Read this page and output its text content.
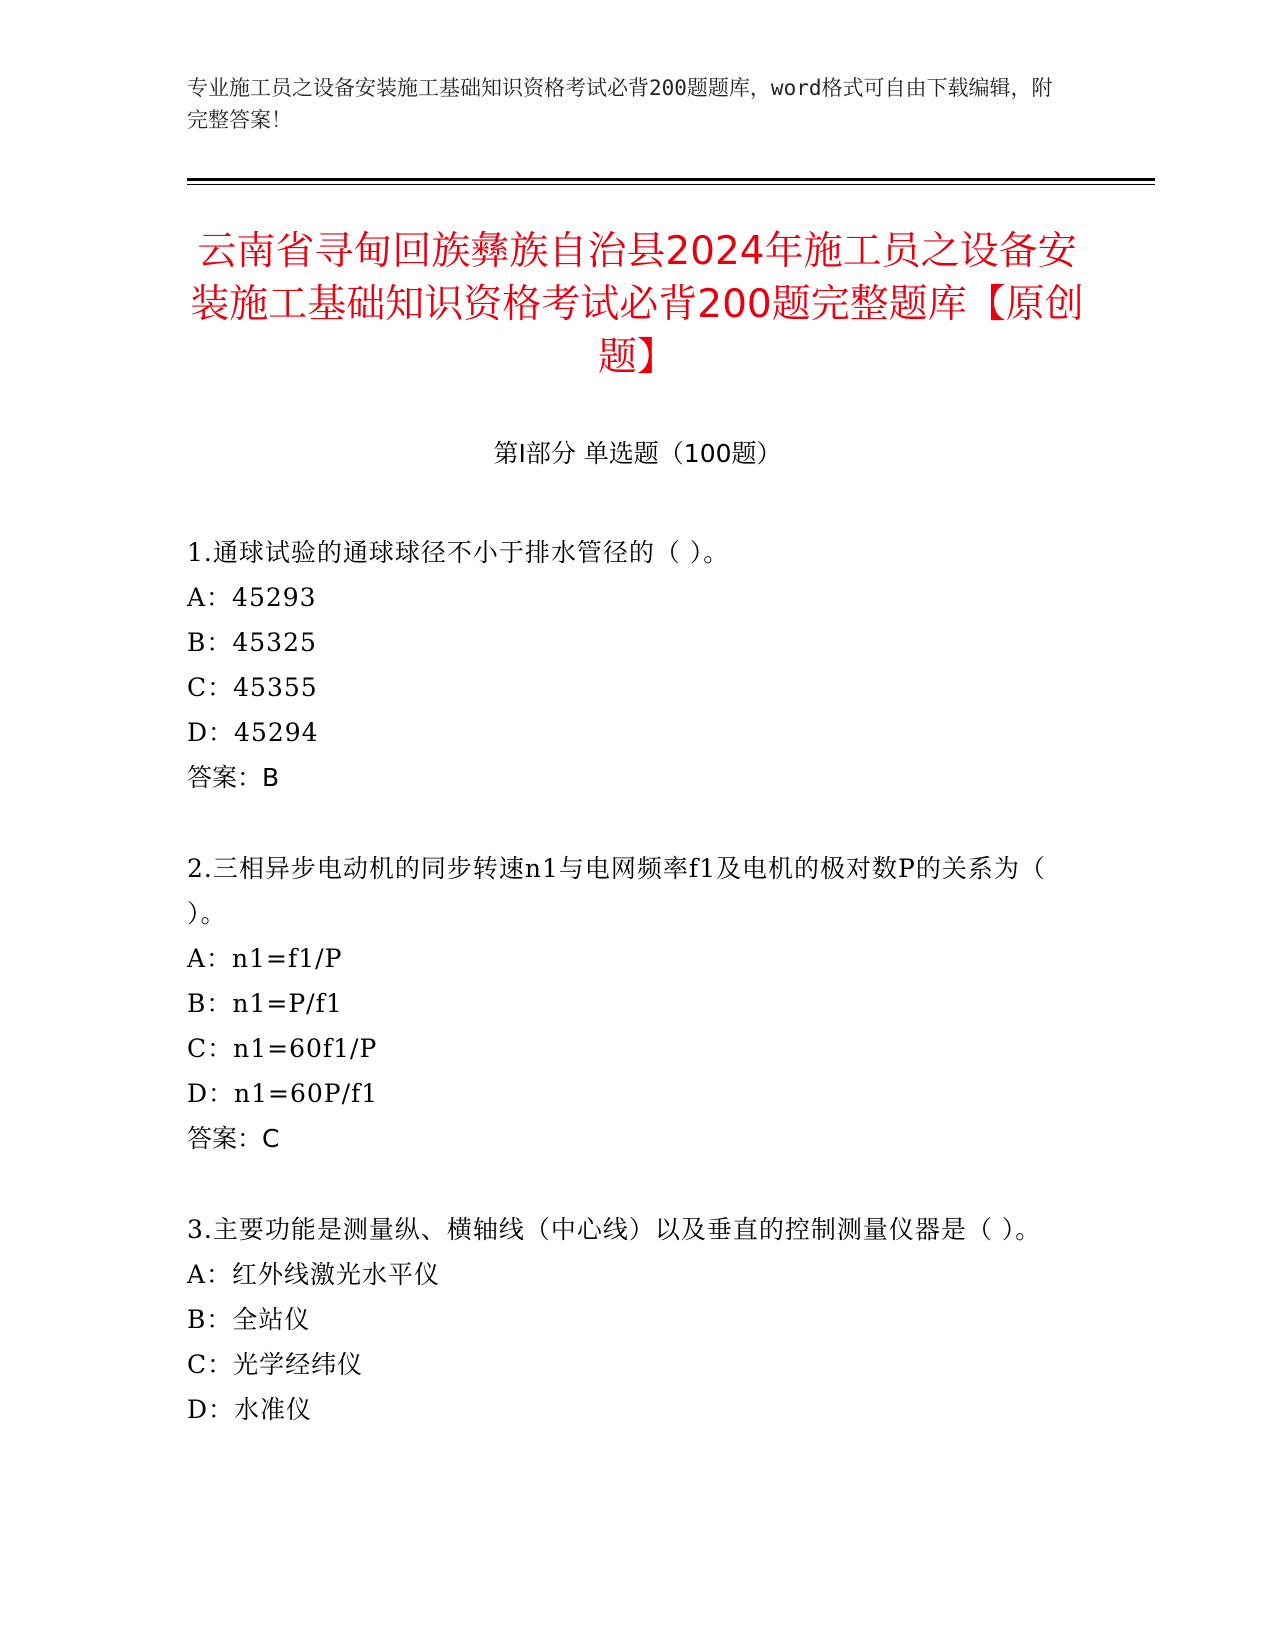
专业施工员之设备安装施工基础知识资格考试必背200题题库，word格式可自由下载编辑，附完整答案！
云南省寻甸回族彝族自治县2024年施工员之设备安装施工基础知识资格考试必背200题完整题库【原创题】
第Ⅰ部分 单选题（100题）
1.通球试验的通球球径不小于排水管径的（ ）。
A：45293
B：45325
C：45355
D：45294
答案：B
2.三相异步电动机的同步转速n1与电网频率f1及电机的极对数P的关系为（ ）。
A：n1=f1/P
B：n1=P/f1
C：n1=60f1/P
D：n1=60P/f1
答案：C
3.主要功能是测量纵、横轴线（中心线）以及垂直的控制测量仪器是（ ）。
A：红外线激光水平仪
B：全站仪
C：光学经纬仪
D：水准仪
